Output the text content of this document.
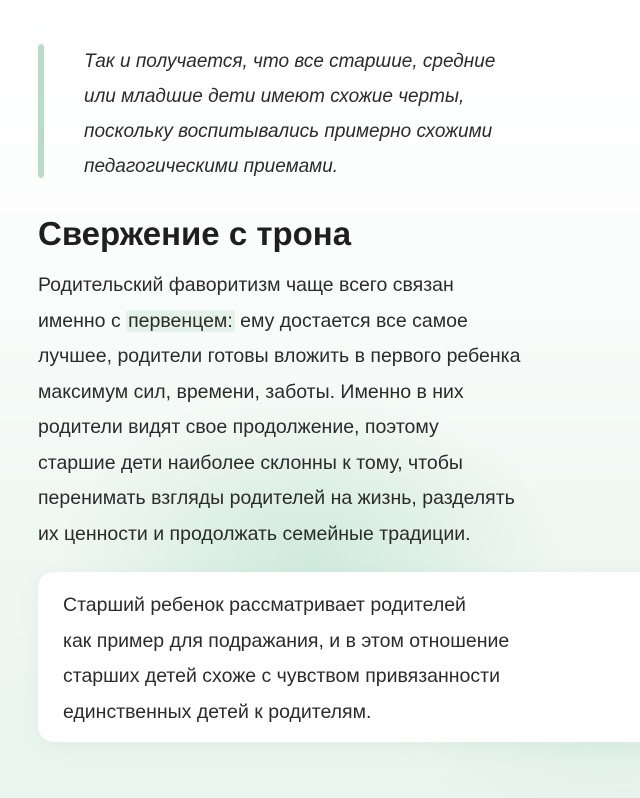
Так и получается, что все старшие, средние
или младшие дети имеют схожие черты,
поскольку воспитывались примерно схожими
педагогическими приемами.

Свержение с трона

Родительский фаворитизм чаще всего связан
именно с первенцем: ему достается все самое
лучшее, родители готовы вложить в первого ребенка
максимум сил, времени, заботы. Именно в них
родители видят свое продолжение, поэтому
старшие дети наиболее склонны к тому, чтобы
перенимать взгляды родителей на жизнь, разделять
их ценности и продолжать семейные традиции.

Старший ребенок рассматривает родителей
как пример для подражания, и в этом отношение
старших детей схоже с чувством привязанности
единственных детей к родителям.
